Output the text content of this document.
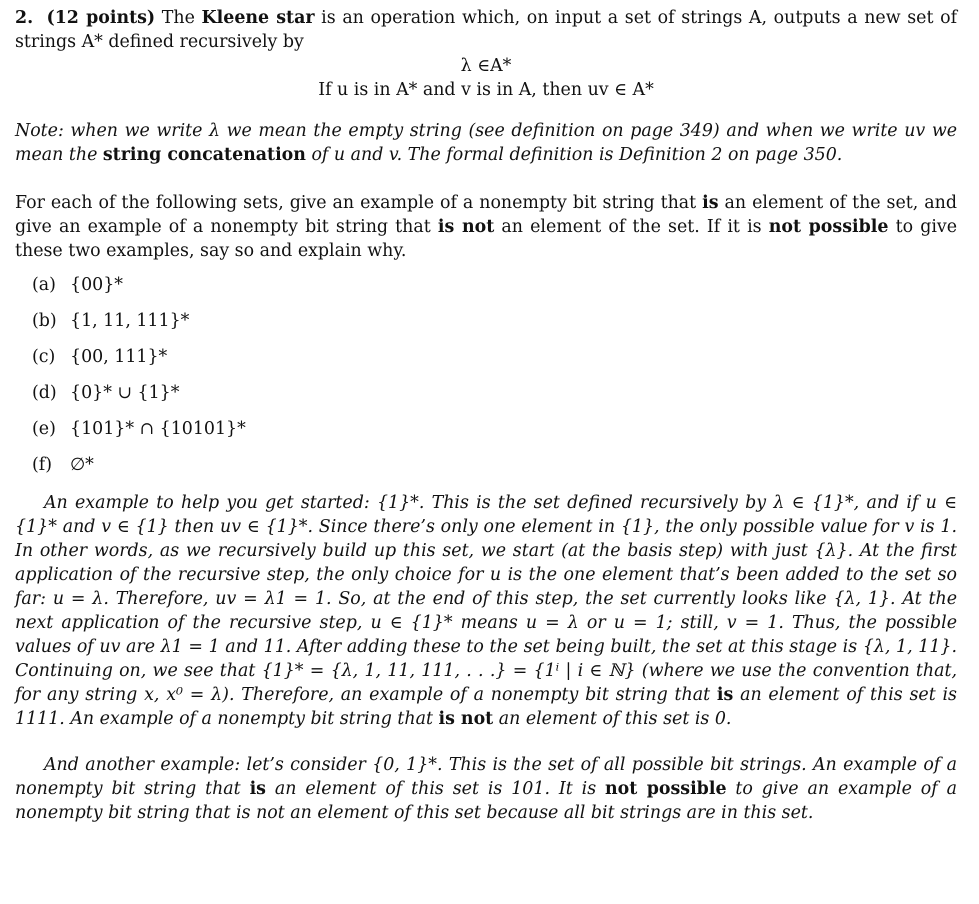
2. (12 points) The Kleene star is an operation which, on input a set of strings A, outputs a new set of strings A* defined recursively by

λ ∈A*
If u is in A* and v is in A, then uv ∈ A*

Note: when we write λ we mean the empty string (see definition on page 349) and when we write uv we mean the string concatenation of u and v. The formal definition is Definition 2 on page 350.

For each of the following sets, give an example of a nonempty bit string that is an element of the set, and give an example of a nonempty bit string that is not an element of the set. If it is not possible to give these two examples, say so and explain why.

(a) {00}*
(b) {1, 11, 111}*
(c) {00, 111}*
(d) {0}* ∪ {1}*
(e) {101}* ∩ {10101}*
(f) ∅*

An example to help you get started: {1}*. This is the set defined recursively by λ ∈ {1}*, and if u ∈ {1}* and v ∈ {1} then uv ∈ {1}*. Since there’s only one element in {1}, the only possible value for v is 1. In other words, as we recursively build up this set, we start (at the basis step) with just {λ}. At the first application of the recursive step, the only choice for u is the one element that’s been added to the set so far: u = λ. Therefore, uv = λ1 = 1. So, at the end of this step, the set currently looks like {λ, 1}. At the next application of the recursive step, u ∈ {1}* means u = λ or u = 1; still, v = 1. Thus, the possible values of uv are λ1 = 1 and 11. After adding these to the set being built, the set at this stage is {λ, 1, 11}. Continuing on, we see that {1}* = {λ, 1, 11, 111, . . .} = {1ⁱ | i ∈ ℕ} (where we use the convention that, for any string x, x⁰ = λ). Therefore, an example of a nonempty bit string that is an element of this set is 1111. An example of a nonempty bit string that is not an element of this set is 0.

And another example: let’s consider {0, 1}*. This is the set of all possible bit strings. An example of a nonempty bit string that is an element of this set is 101. It is not possible to give an example of a nonempty bit string that is not an element of this set because all bit strings are in this set.
